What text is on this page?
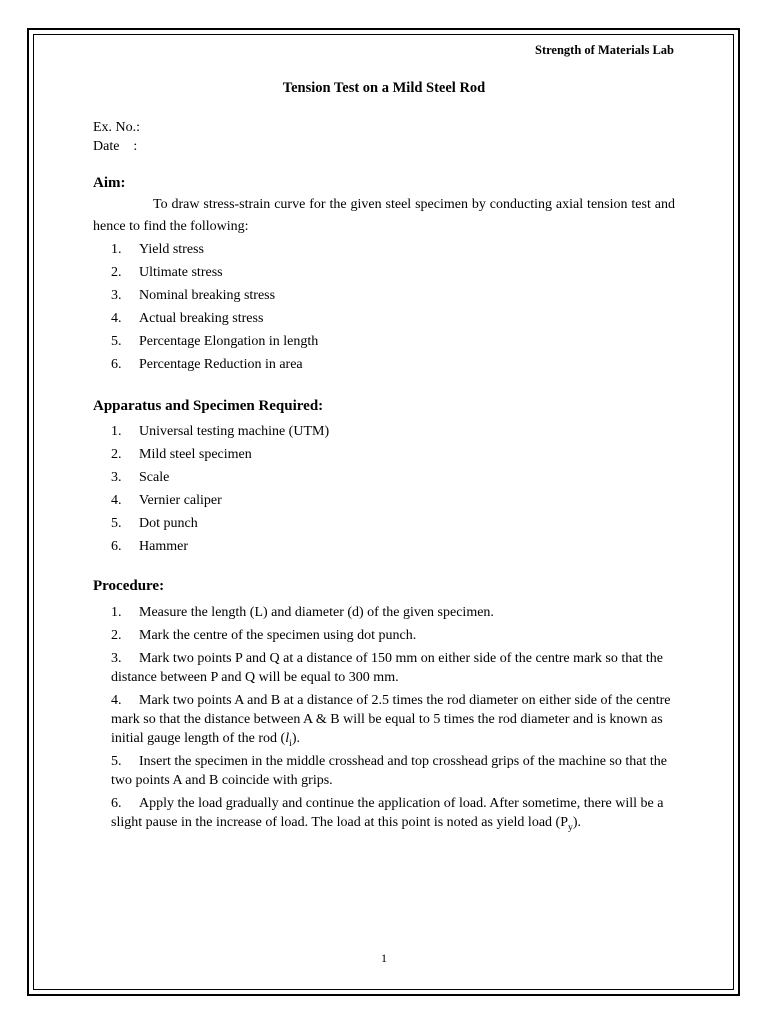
Strength of Materials Lab
Tension Test on a Mild Steel Rod
Ex. No.:
Date    :
Aim:
To draw stress-strain curve for the given steel specimen by conducting axial tension test and hence to find the following:
1. Yield stress
2. Ultimate stress
3. Nominal breaking stress
4. Actual breaking stress
5. Percentage Elongation in length
6. Percentage Reduction in area
Apparatus and Specimen Required:
1. Universal testing machine (UTM)
2. Mild steel specimen
3. Scale
4. Vernier caliper
5. Dot punch
6. Hammer
Procedure:
1. Measure the length (L) and diameter (d) of the given specimen.
2. Mark the centre of the specimen using dot punch.
3. Mark two points P and Q at a distance of 150 mm on either side of the centre mark so that the distance between P and Q will be equal to 300 mm.
4. Mark two points A and B at a distance of 2.5 times the rod diameter on either side of the centre mark so that the distance between A & B will be equal to 5 times the rod diameter and is known as initial gauge length of the rod $(l_i)$.
5. Insert the specimen in the middle crosshead and top crosshead grips of the machine so that the two points A and B coincide with grips.
6. Apply the load gradually and continue the application of load. After sometime, there will be a slight pause in the increase of load. The load at this point is noted as yield load $(P_y)$.
1
